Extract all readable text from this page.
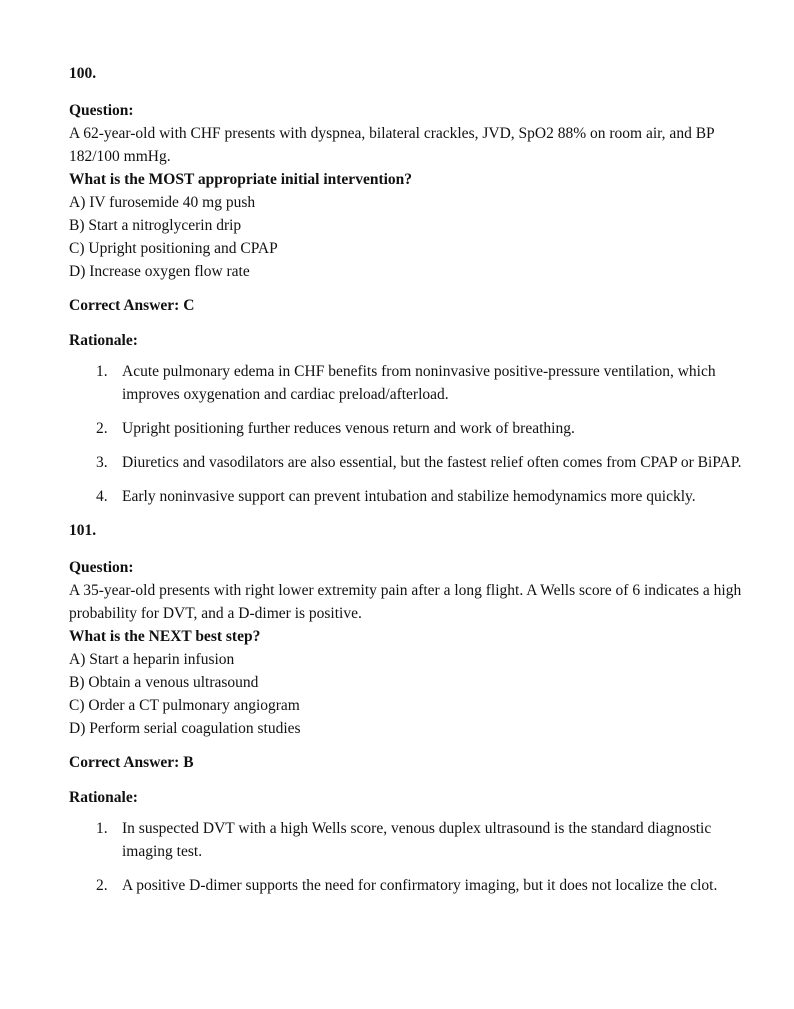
100.

Question:

A 62-year-old with CHF presents with dyspnea, bilateral crackles, JVD, SpO2 88% on room air, and BP 182/100 mmHg.

What is the MOST appropriate initial intervention?

A) IV furosemide 40 mg push

B) Start a nitroglycerin drip

C) Upright positioning and CPAP

D) Increase oxygen flow rate

Correct Answer: C

Rationale:

1. Acute pulmonary edema in CHF benefits from noninvasive positive-pressure ventilation, which improves oxygenation and cardiac preload/afterload.
2. Upright positioning further reduces venous return and work of breathing.
3. Diuretics and vasodilators are also essential, but the fastest relief often comes from CPAP or BiPAP.
4. Early noninvasive support can prevent intubation and stabilize hemodynamics more quickly.

101.

Question:

A 35-year-old presents with right lower extremity pain after a long flight. A Wells score of 6 indicates a high probability for DVT, and a D-dimer is positive.

What is the NEXT best step?

A) Start a heparin infusion

B) Obtain a venous ultrasound

C) Order a CT pulmonary angiogram

D) Perform serial coagulation studies

Correct Answer: B

Rationale:

1. In suspected DVT with a high Wells score, venous duplex ultrasound is the standard diagnostic imaging test.
2. A positive D-dimer supports the need for confirmatory imaging, but it does not localize the clot.
